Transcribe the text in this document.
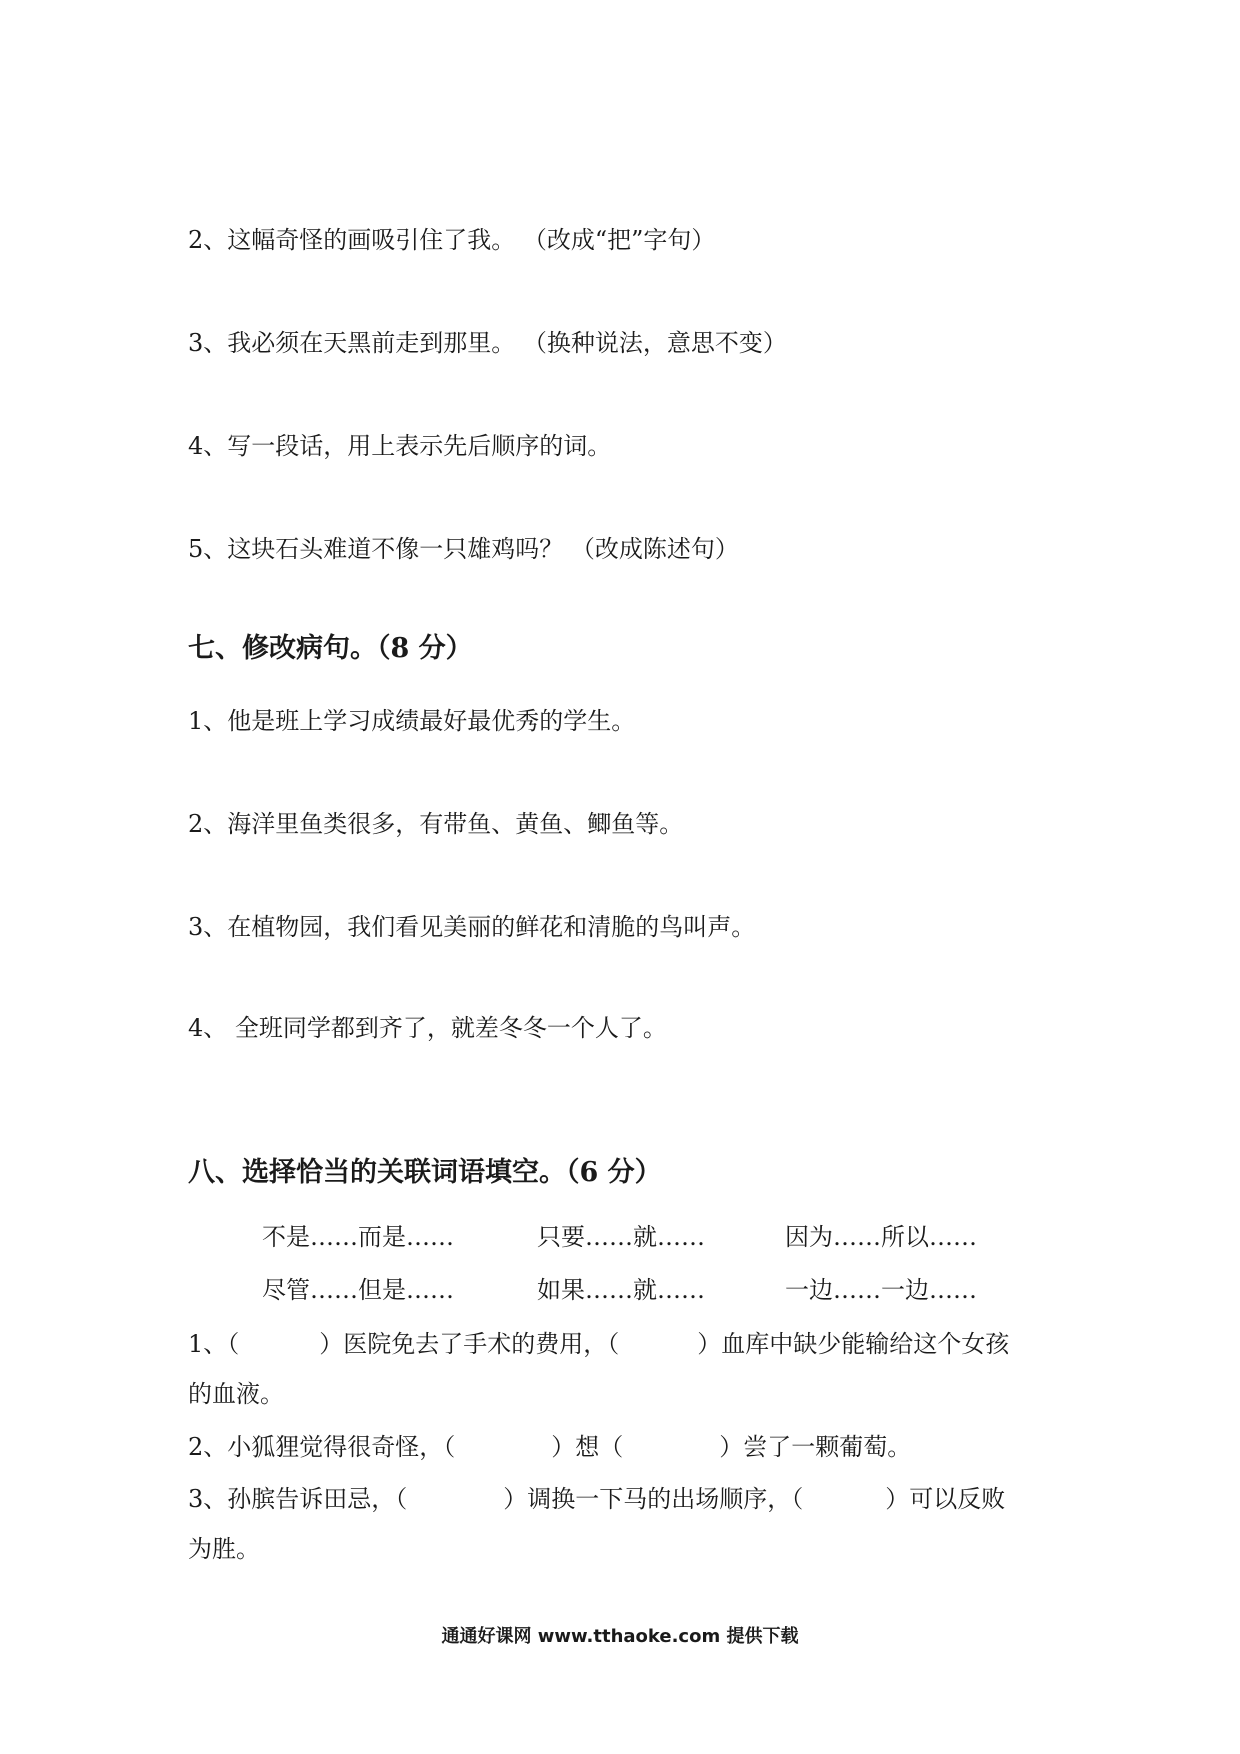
2、这幅奇怪的画吸引住了我。 （改成“把”字句）
3、我必须在天黑前走到那里。 （换种说法，意思不变）
4、写一段话，用上表示先后顺序的词。
5、这块石头难道不像一只雄鸡吗？ （改成陈述句）
七、修改病句。（8 分）
1、他是班上学习成绩最好最优秀的学生。
2、海洋里鱼类很多，有带鱼、黄鱼、鲫鱼等。
3、在植物园，我们看见美丽的鲜花和清脆的鸟叫声。
4、 全班同学都到齐了，就差冬冬一个人了。
八、选择恰当的关联词语填空。（6 分）
不是……而是……	只要……就……	因为……所以……
尽管……但是……	如果……就……	一边……一边……
1、（	）医院免去了手术的费用，（	）血库中缺少能输给这个女孩
的血液。
2、小狐狸觉得很奇怪，（	）想（	）尝了一颗葡萄。
3、孙膑告诉田忌，（	）调换一下马的出场顺序，（	）可以反败
为胜。
通通好课网 www.tthaoke.com 提供下载
